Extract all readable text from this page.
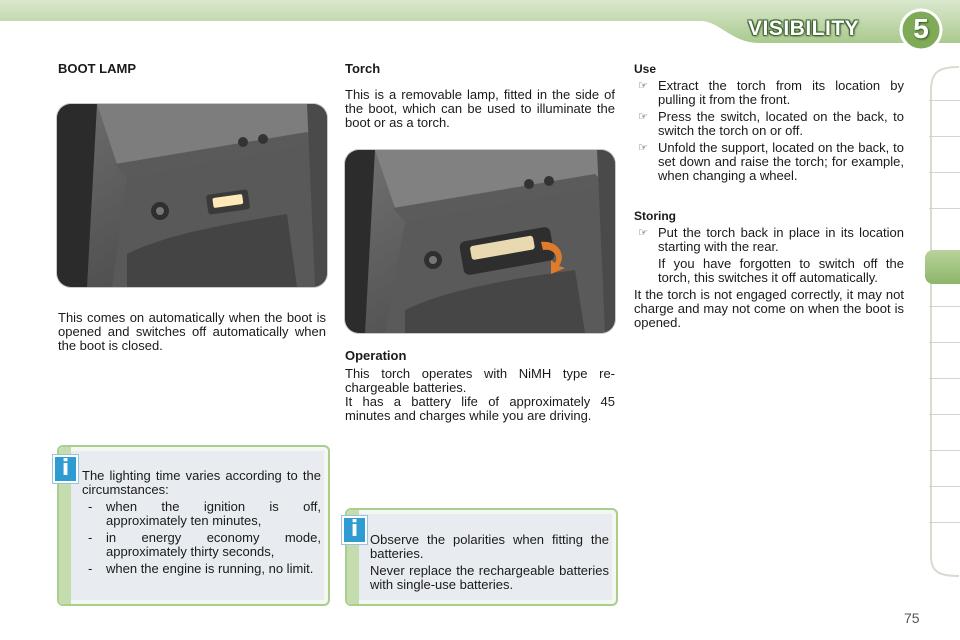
VISIBILITY	5
BOOT LAMP

This comes on automatically when the boot is opened and switches off automatically when the boot is closed.

i The lighting time varies according to the circumstances:

- when the ignition is off, approximately ten minutes,
- in energy economy mode, approximately thirty seconds,
- when the engine is running, no limit.
Torch

This is a removable lamp, fitted in the side of the boot, which can be used to illuminate the boot or as a torch.

Operation

This torch operates with NiMH type re-chargeable batteries.

It has a battery life of approximately 45 minutes and charges while you are driving.

i Observe the polarities when fitting the batteries.

Never replace the rechargeable batteries with single-use batteries.

Use
☞ Extract the torch from its location by pulling it from the front.
☞ Press the switch, located on the back, to switch the torch on or off.
☞ Unfold the support, located on the back, to set down and raise the torch; for example, when changing a wheel.
Storing
☞ Put the torch back in place in its location starting with the rear.

If you have forgotten to switch off the torch, this switches it off automatically.

It the torch is not engaged correctly, it may not charge and may not come on when the boot is opened.

75
